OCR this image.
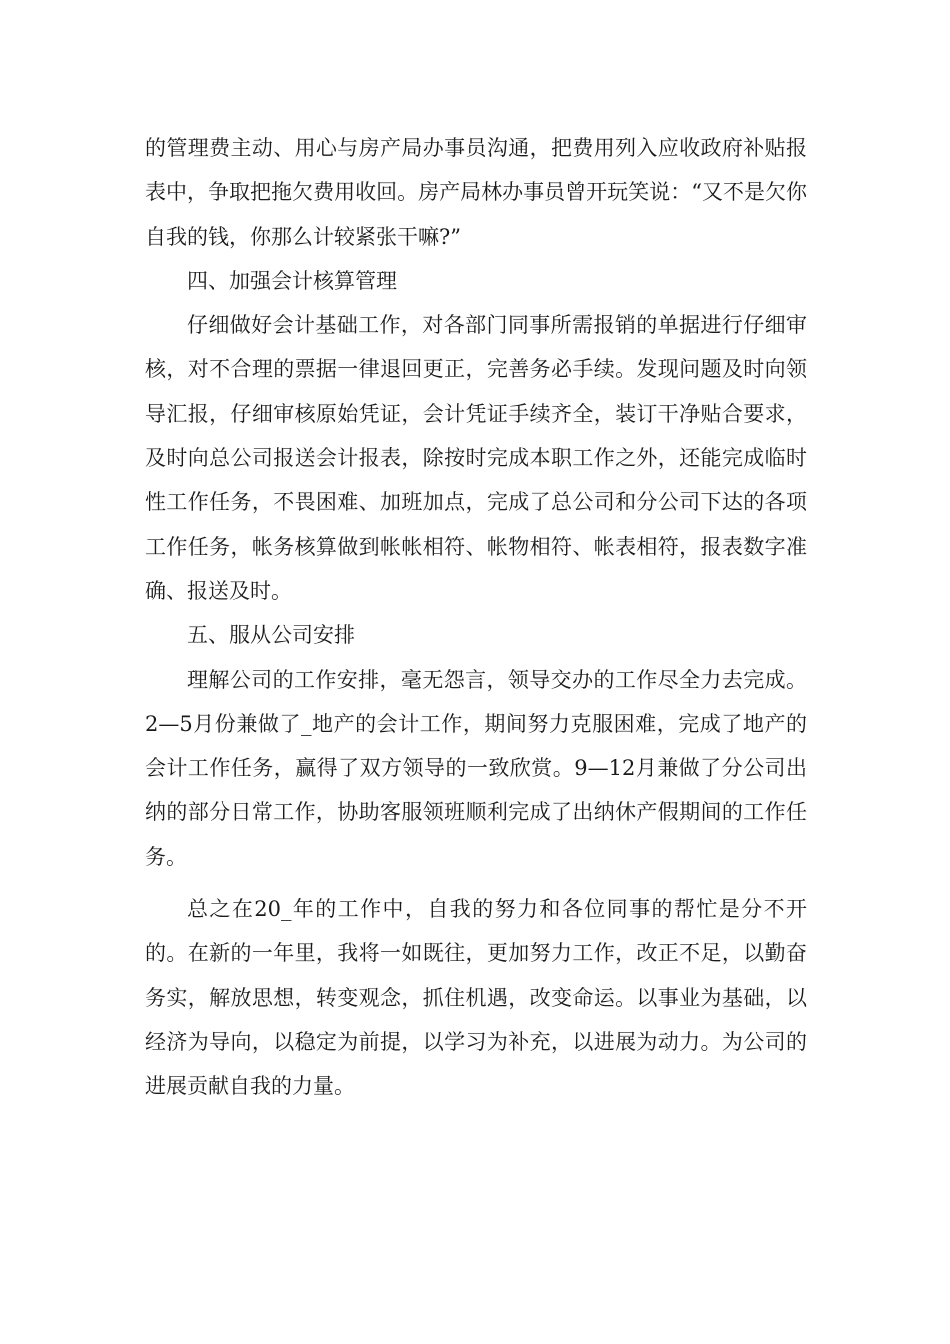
的管理费主动、用心与房产局办事员沟通，把费用列入应收政府补贴报表中，争取把拖欠费用收回。房产局林办事员曾开玩笑说：“又不是欠你自我的钱，你那么计较紧张干嘛?”

四、加强会计核算管理

仔细做好会计基础工作，对各部门同事所需报销的单据进行仔细审核，对不合理的票据一律退回更正，完善务必手续。发现问题及时向领导汇报，仔细审核原始凭证，会计凭证手续齐全，装订干净贴合要求，及时向总公司报送会计报表，除按时完成本职工作之外，还能完成临时性工作任务，不畏困难、加班加点，完成了总公司和分公司下达的各项工作任务，帐务核算做到帐帐相符、帐物相符、帐表相符，报表数字准确、报送及时。

五、服从公司安排

理解公司的工作安排，毫无怨言，领导交办的工作尽全力去完成。2—5月份兼做了_地产的会计工作，期间努力克服困难，完成了地产的会计工作任务，赢得了双方领导的一致欣赏。9—12月兼做了分公司出纳的部分日常工作，协助客服领班顺利完成了出纳休产假期间的工作任务。

总之在20_年的工作中，自我的努力和各位同事的帮忙是分不开的。在新的一年里，我将一如既往，更加努力工作，改正不足，以勤奋务实，解放思想，转变观念，抓住机遇，改变命运。以事业为基础，以经济为导向，以稳定为前提，以学习为补充，以进展为动力。为公司的进展贡献自我的力量。
